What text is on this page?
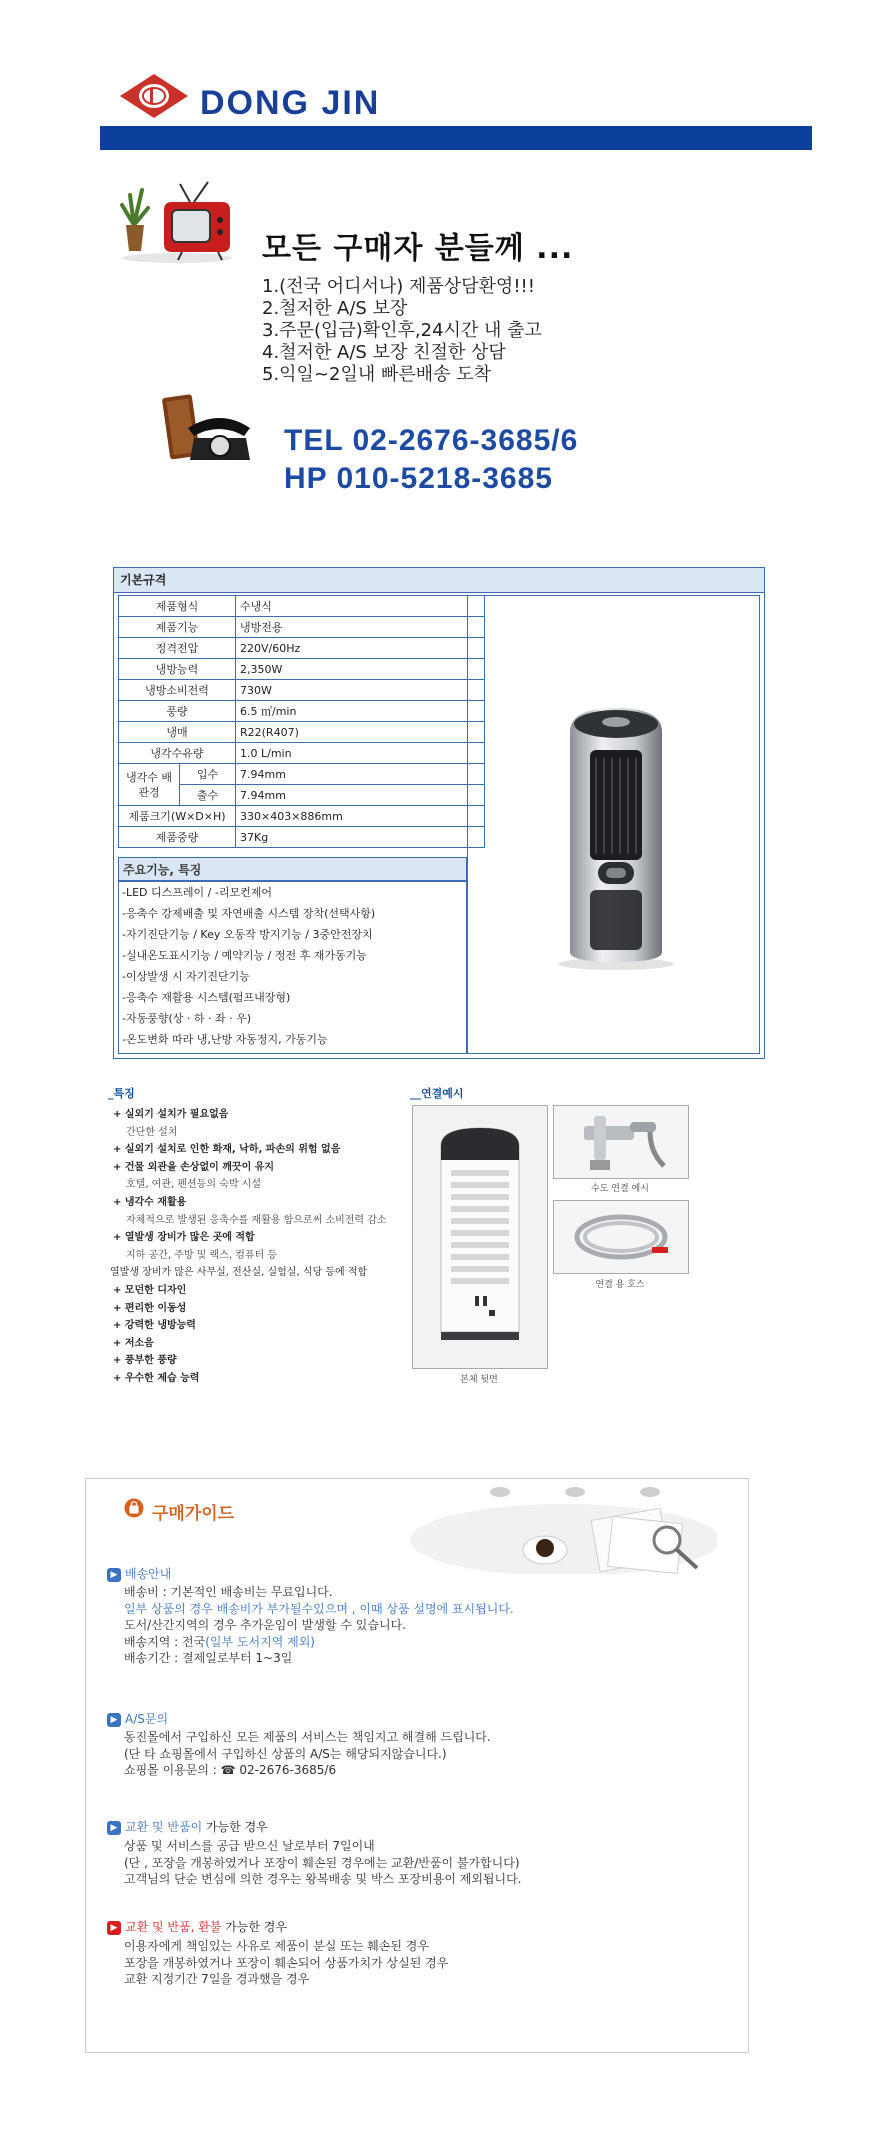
DONG JIN
모든 구매자 분들께 ...
1.(전국 어디서나) 제품상담환영!!!
2.철저한 A/S 보장
3.주문(입금)확인후,24시간 내 출고
4.철저한 A/S 보장 친절한 상담
5.익일~2일내 빠른배송 도착
TEL 02-2676-3685/6
HP 010-5218-3685
기본규격
제품형식		수냉식
제품기능		냉방전용
정격전압		220V/60Hz
냉방능력		2,350W
냉방소비전력		730W
풍량		6.5 ㎥/min
냉매		R22(R407)
냉각수유량		1.0 L/min
냉각수 배관경	입수	7.94mm
	출수	7.94mm
제품크기(W×D×H)		330×403×886mm
제품중량		37Kg
주요기능, 특징
-LED 디스프레이 / -리모컨제어
-응축수 강제배출 및 자연배출 시스템 장착(선택사항)
-자기진단기능 / Key 오동작 방지기능 / 3중안전장치
-실내온도표시기능 / 예약기능 / 정전 후 재가동기능
-이상발생 시 자기진단기능
-응축수 재활용 시스템(펌프내장형)
-자동풍향(상 · 하 · 좌 · 우)
-온도변화 따라 냉,난방 자동정지, 가동기능
_특징
+ 실외기 설치가 필요없음
간단한 설치
+ 실외기 설치로 인한 화재, 낙하, 파손의 위험 없음
+ 건물 외관을 손상없이 깨끗이 유지
호텔, 여관, 펜션등의 숙박 시설
+ 냉각수 재활용
자체적으로 발생된 응축수를 재활용 함으로써 소비전력 감소
+ 열발생 장비가 많은 곳에 적합
지하 공간, 주방 및 랙스, 컴퓨터 등
열발생 장비가 많은 사무실, 전산실, 실험실, 식당 등에 적합
+ 모던한 디자인
+ 편리한 이동성
+ 강력한 냉방능력
+ 저소음
+ 풍부한 풍량
+ 우수한 제습 능력
__연결예시
본체 뒷면
수도 연결 예시
연결 용 호스
구매가이드
▶ 배송안내
배송비 : 기본적인 배송비는 무료입니다.
일부 상품의 경우 배송비가 부가될수있으며 , 이때 상품 설명에 표시됩니다.
도서/산간지역의 경우 추가운임이 발생할 수 있습니다.
배송지역 : 전국(일부 도서지역 제외)
배송기간 : 결제일로부터 1~3일
▶ A/S문의
동진몰에서 구입하신 모든 제품의 서비스는 책임지고 해결해 드립니다.
(단 타 쇼핑몰에서 구입하신 상품의 A/S는 해당되지않습니다.)
쇼핑몰 이용문의 : ☎ 02-2676-3685/6
▶ 교환 및 반품이 가능한 경우
상품 및 서비스를 공급 받으신 날로부터 7일이내
(단 , 포장을 개봉하였거나 포장이 훼손된 경우에는 교환/반품이 불가합니다)
고객님의 단순 변심에 의한 경우는 왕복배송 및 박스 포장비용이 제외됩니다.
▶ 교환 및 반품, 환불 가능한 경우
이용자에게 책임있는 사유로 제품이 분실 또는 훼손된 경우
포장을 개봉하였거나 포장이 훼손되어 상품가치가 상실된 경우
교환 지정기간 7일을 경과했을 경우
